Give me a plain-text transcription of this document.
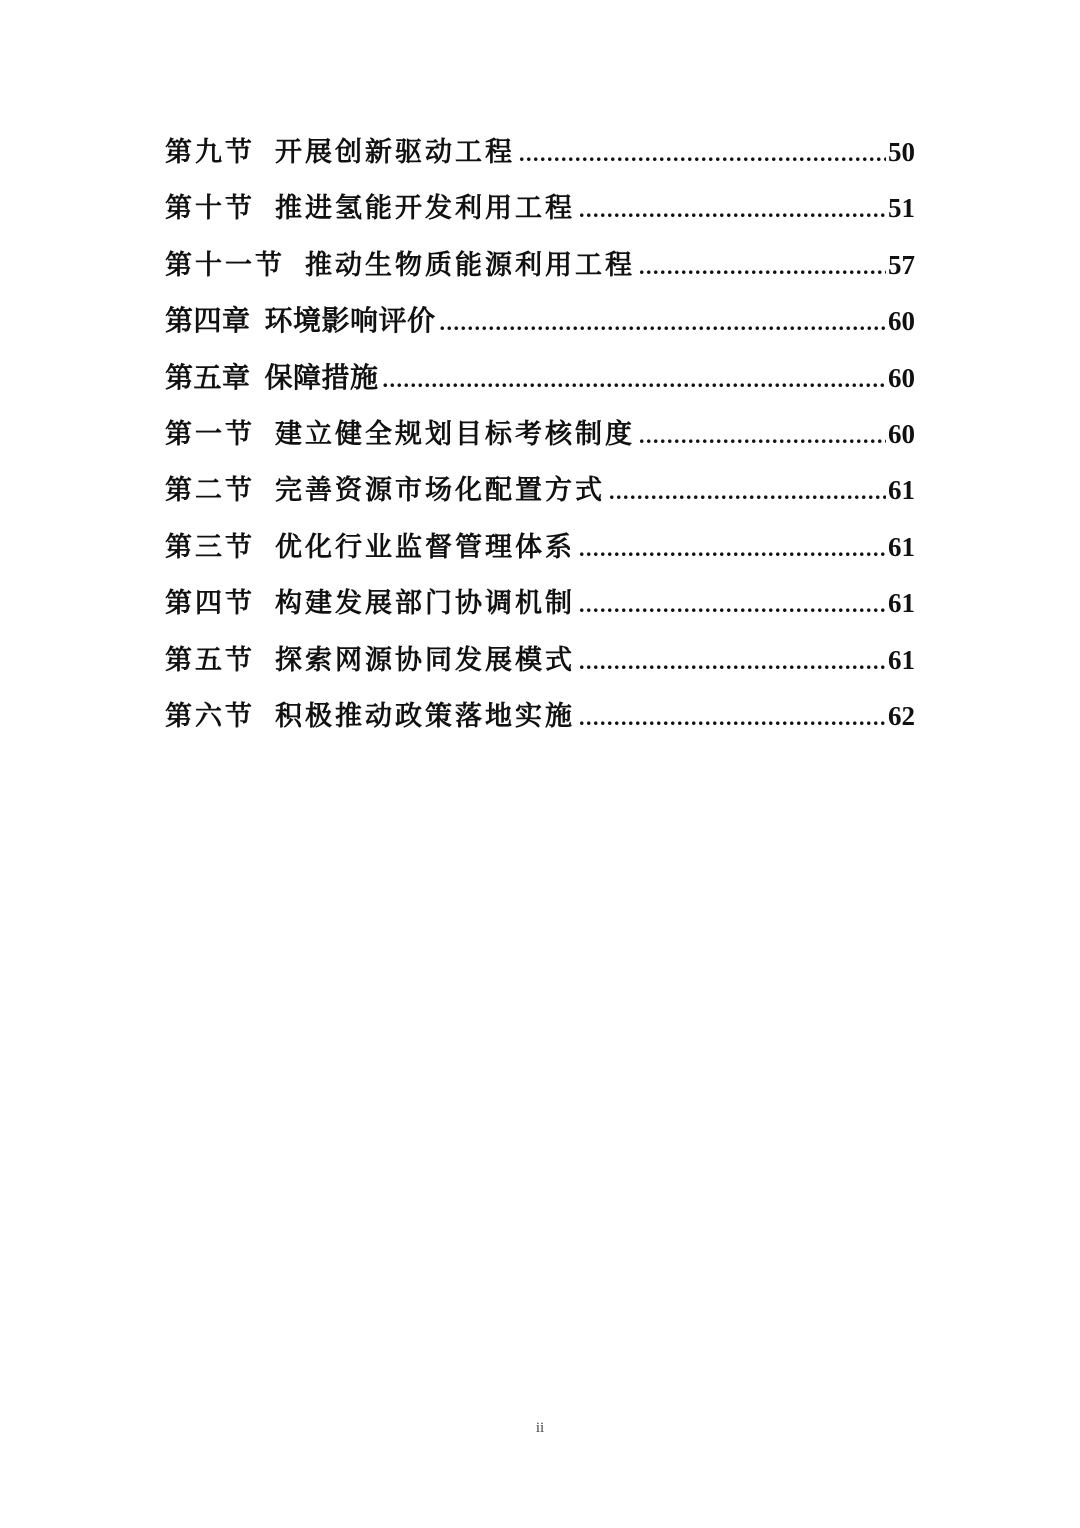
第九节 开展创新驱动工程 .....	50
第十节 推进氢能开发利用工程 .....	51
第十一节 推动生物质能源利用工程 .....	57
第四章 环境影响评价 .....	60
第五章 保障措施 .....	60
第一节 建立健全规划目标考核制度 .....	60
第二节 完善资源市场化配置方式 .....	61
第三节 优化行业监督管理体系 .....	61
第四节 构建发展部门协调机制 .....	61
第五节 探索网源协同发展模式 .....	61
第六节 积极推动政策落地实施 .....	62
ii
